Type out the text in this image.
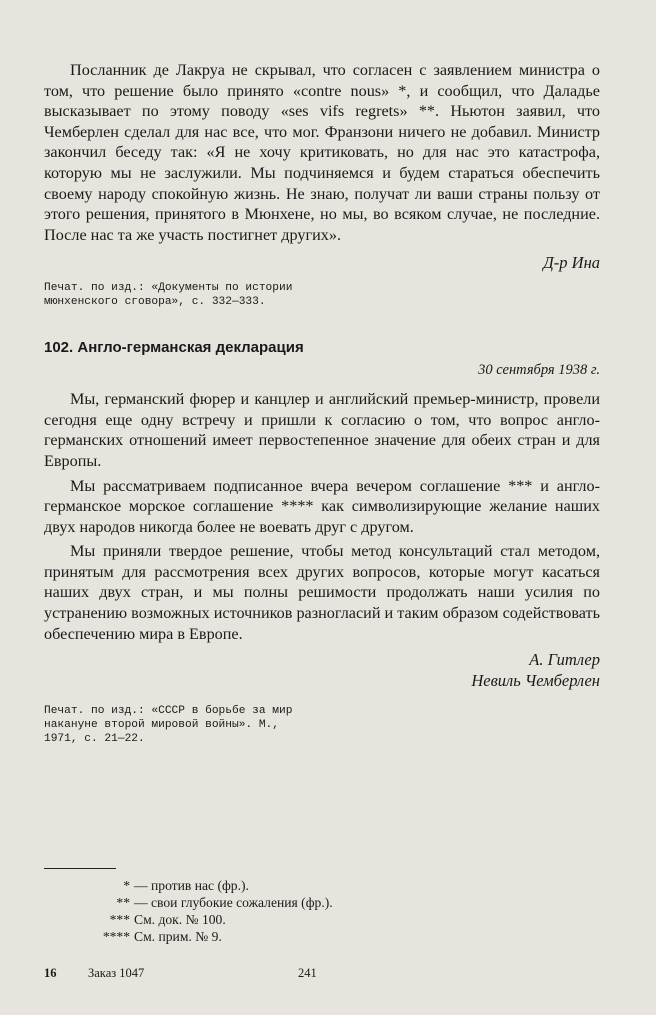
Посланник де Лакруа не скрывал, что согласен с заявлением министра о том, что решение было принято «contre nous» *, и сообщил, что Даладье высказывает по этому поводу «ses vifs regrets» **. Ньютон заявил, что Чемберлен сделал для нас все, что мог. Франзони ничего не добавил. Министр закончил беседу так: «Я не хочу критиковать, но для нас это катастрофа, которую мы не заслужили. Мы подчиняемся и будем стараться обеспечить своему народу спокойную жизнь. Не знаю, получат ли ваши страны пользу от этого решения, принятого в Мюнхене, но мы, во всяком случае, не последние. После нас та же участь постигнет других».

Д-р Ина

Печат. по изд.: «Документы по истории

мюнхенского сговора», с. 332—333.

102. Англо-германская декларация

30 сентября 1938 г.

Мы, германский фюрер и канцлер и английский премьер-министр, провели сегодня еще одну встречу и пришли к согласию о том, что вопрос англо-германских отношений имеет первостепенное значение для обеих стран и для Европы.

Мы рассматриваем подписанное вчера вечером соглашение *** и англо-германское морское соглашение **** как символизирующие желание наших двух народов никогда более не воевать друг с другом.

Мы приняли твердое решение, чтобы метод консультаций стал методом, принятым для рассмотрения всех других вопросов, которые могут касаться наших двух стран, и мы полны решимости продолжать наши усилия по устранению возможных источников разногласий и таким образом содействовать обеспечению мира в Европе.

А. Гитлер

Невиль Чемберлен

Печат. по изд.: «СССР в борьбе за мир

накануне второй мировой войны». М.,

1971, с. 21—22.

* — против нас (фр.).

** — свои глубокие сожаления (фр.).

*** См. док. № 100.

**** См. прим. № 9.

16	Заказ 1047	241
